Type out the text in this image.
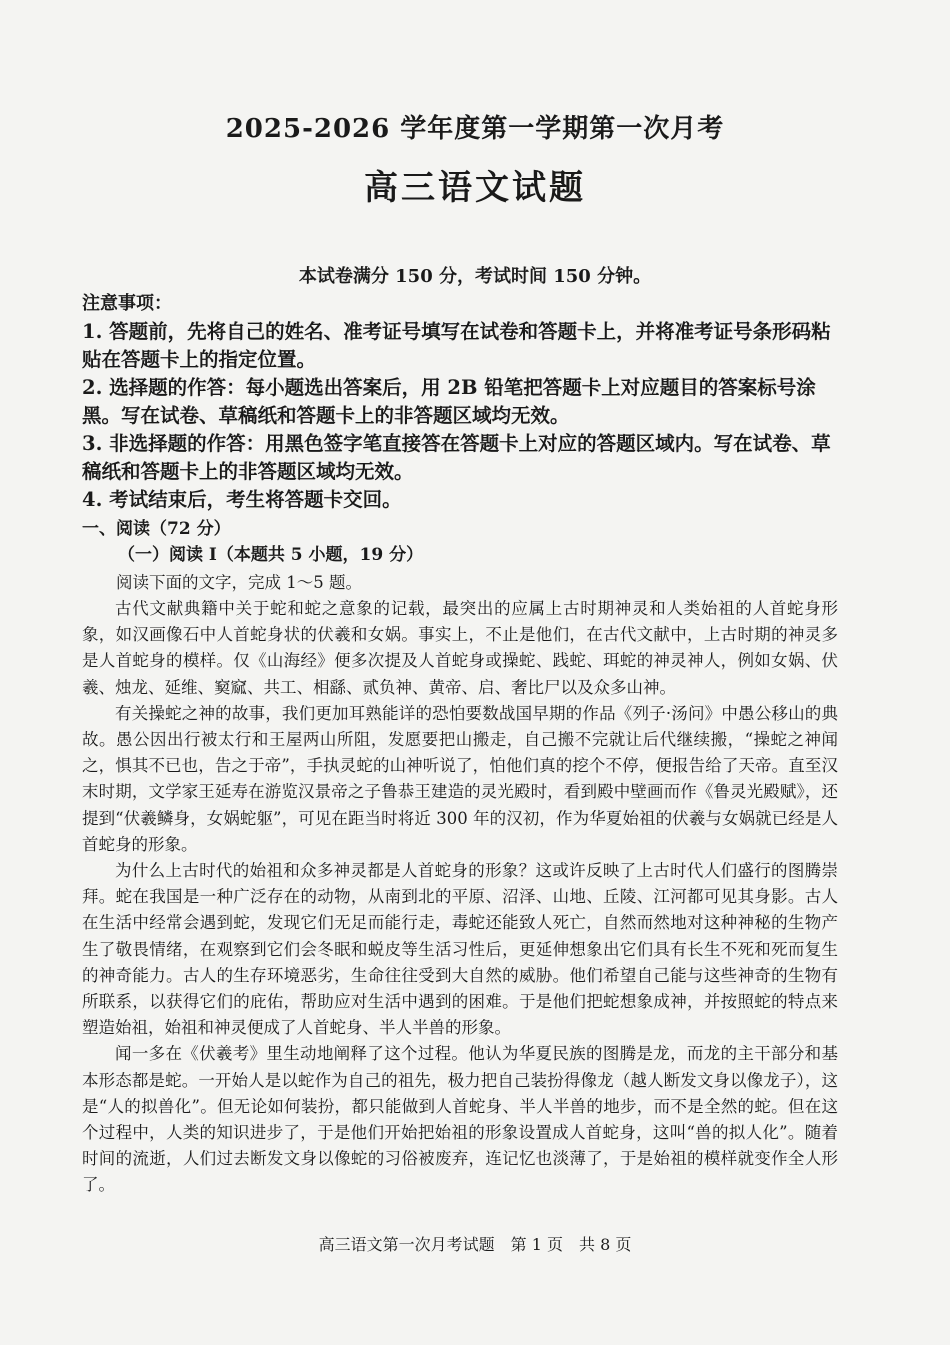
2025-2026 学年度第一学期第一次月考
高三语文试题
本试卷满分 150 分，考试时间 150 分钟。

注意事项：

1. 答题前，先将自己的姓名、准考证号填写在试卷和答题卡上，并将准考证号条形码粘贴在答题卡上的指定位置。

2. 选择题的作答：每小题选出答案后，用 2B 铅笔把答题卡上对应题目的答案标号涂黑。写在试卷、草稿纸和答题卡上的非答题区域均无效。

3. 非选择题的作答：用黑色签字笔直接答在答题卡上对应的答题区域内。写在试卷、草稿纸和答题卡上的非答题区域均无效。

4. 考试结束后，考生将答题卡交回。

一、阅读（72 分）
（一）阅读 I（本题共 5 小题，19 分）
阅读下面的文字，完成 1～5 题。

古代文献典籍中关于蛇和蛇之意象的记载，最突出的应属上古时期神灵和人类始祖的人首蛇身形象，如汉画像石中人首蛇身状的伏羲和女娲。事实上，不止是他们，在古代文献中，上古时期的神灵多是人首蛇身的模样。仅《山海经》便多次提及人首蛇身或操蛇、践蛇、珥蛇的神灵神人，例如女娲、伏羲、烛龙、延维、窫窳、共工、相繇、贰负神、黄帝、启、奢比尸以及众多山神。

有关操蛇之神的故事，我们更加耳熟能详的恐怕要数战国早期的作品《列子·汤问》中愚公移山的典故。愚公因出行被太行和王屋两山所阻，发愿要把山搬走，自己搬不完就让后代继续搬，“操蛇之神闻之，惧其不已也，告之于帝”，手执灵蛇的山神听说了，怕他们真的挖个不停，便报告给了天帝。直至汉末时期，文学家王延寿在游览汉景帝之子鲁恭王建造的灵光殿时，看到殿中壁画而作《鲁灵光殿赋》，还提到“伏羲鳞身，女娲蛇躯”，可见在距当时将近 300 年的汉初，作为华夏始祖的伏羲与女娲就已经是人首蛇身的形象。

为什么上古时代的始祖和众多神灵都是人首蛇身的形象？这或许反映了上古时代人们盛行的图腾崇拜。蛇在我国是一种广泛存在的动物，从南到北的平原、沼泽、山地、丘陵、江河都可见其身影。古人在生活中经常会遇到蛇，发现它们无足而能行走，毒蛇还能致人死亡，自然而然地对这种神秘的生物产生了敬畏情绪，在观察到它们会冬眠和蜕皮等生活习性后，更延伸想象出它们具有长生不死和死而复生的神奇能力。古人的生存环境恶劣，生命往往受到大自然的威胁。他们希望自己能与这些神奇的生物有所联系，以获得它们的庇佑，帮助应对生活中遇到的困难。于是他们把蛇想象成神，并按照蛇的特点来塑造始祖，始祖和神灵便成了人首蛇身、半人半兽的形象。

闻一多在《伏羲考》里生动地阐释了这个过程。他认为华夏民族的图腾是龙，而龙的主干部分和基本形态都是蛇。一开始人是以蛇作为自己的祖先，极力把自己装扮得像龙（越人断发文身以像龙子），这是“人的拟兽化”。但无论如何装扮，都只能做到人首蛇身、半人半兽的地步，而不是全然的蛇。但在这个过程中，人类的知识进步了，于是他们开始把始祖的形象设置成人首蛇身，这叫“兽的拟人化”。随着时间的流逝，人们过去断发文身以像蛇的习俗被废弃，连记忆也淡薄了，于是始祖的模样就变作全人形了。

高三语文第一次月考试题　第 1 页　共 8 页
